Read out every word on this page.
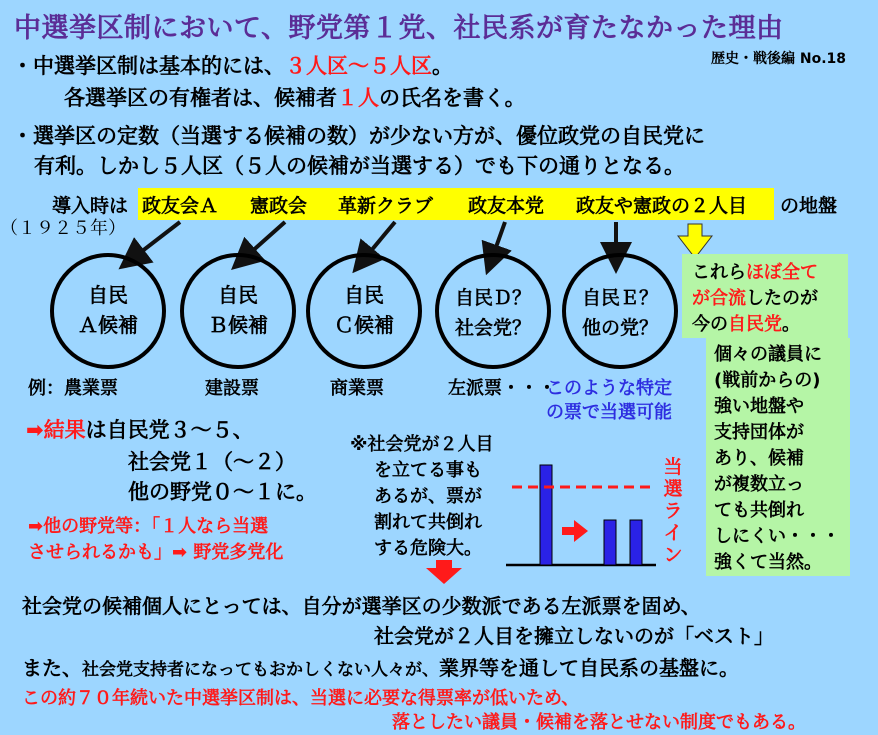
中選挙区制において、野党第１党、社民系が育たなかった理由
歴史・戦後編 No.18
・中選挙区制は基本的には、３人区〜５人区。
各選挙区の有権者は、候補者１人の氏名を書く。
・選挙区の定数（当選する候補の数）が少ない方が、優位政党の自民党に
有利。しかし５人区（５人の候補が当選する）でも下の通りとなる。
導入時は
（１９２５年）
政友会Ａ 憲政会 革新クラブ 政友本党 政友や憲政の２人目 の地盤
自民
Ａ候補
自民
Ｂ候補
自民
Ｃ候補
自民Ｄ？
社会党？
自民Ｅ？
他の党？
例：農業票	建設票	商業票	左派票・・・
このような特定
の票で当選可能
これらほぼ全て
が合流したのが
今の自民党。
個々の議員に
(戦前からの)
強い地盤や
支持団体が
あり、候補
が複数立っ
ても共倒れ
しにくい・・・
強くて当然。
➡結果は自民党３〜５、
社会党１（〜２）
他の野党０〜１に。
➡他の野党等：「１人なら当選
させられるかも」➡ 野党多党化
※社会党が２人目
を立てる事も
あるが、票が
割れて共倒れ
する危険大。
当選ライン
社会党の候補個人にとっては、自分が選挙区の少数派である左派票を固め、
社会党が２人目を擁立しないのが「ベスト」
また、社会党支持者になってもおかしくない人々が、業界等を通して自民系の基盤に。
この約７０年続いた中選挙区制は、当選に必要な得票率が低いため、
落としたい議員・候補を落とせない制度でもある。
